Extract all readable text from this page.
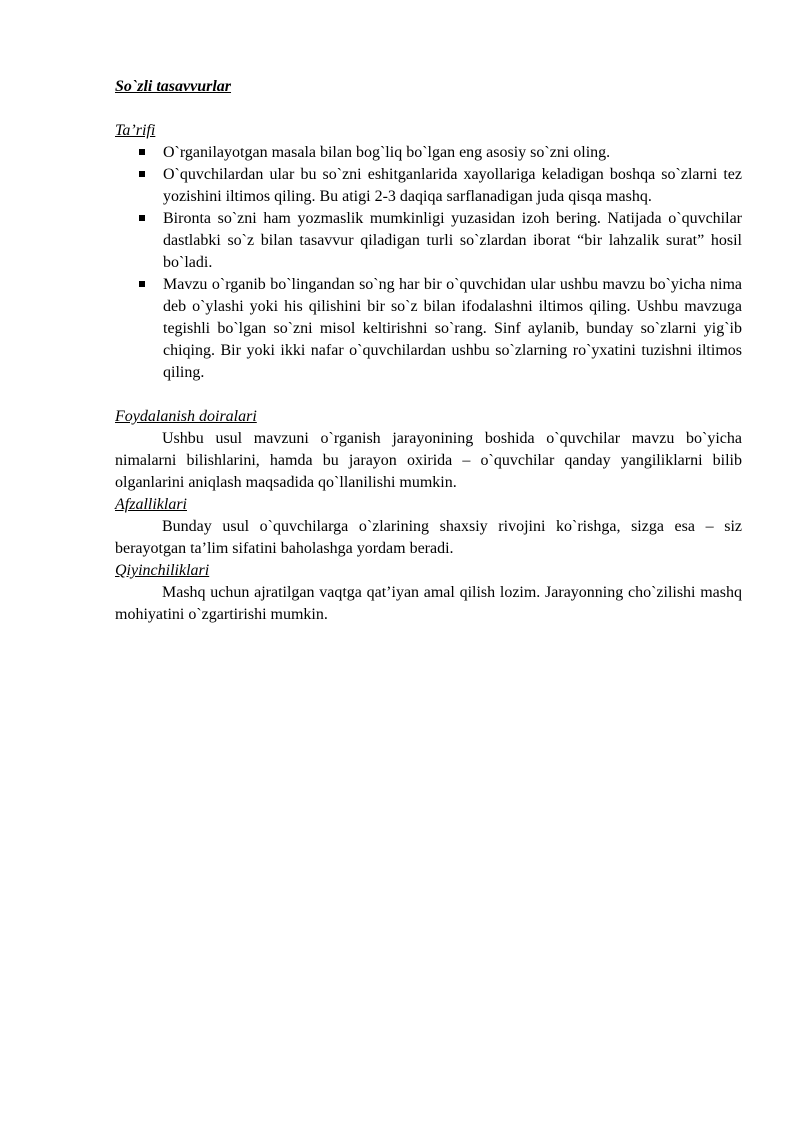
So`zli tasavvurlar
Ta’rifi
O`rganilayotgan masala bilan bog`liq bo`lgan eng asosiy so`zni oling.
O`quvchilardan ular bu so`zni eshitganlarida xayollariga keladigan boshqa so`zlarni tez yozishini iltimos qiling. Bu atigi 2-3 daqiqa sarflanadigan juda qisqa mashq.
Bironta so`zni ham yozmaslik mumkinligi yuzasidan izoh bering. Natijada o`quvchilar dastlabki so`z bilan tasavvur qiladigan turli so`zlardan iborat “bir lahzalik surat” hosil bo`ladi.
Mavzu o`rganib bo`lingandan so`ng har bir o`quvchidan ular ushbu mavzu bo`yicha nima deb o`ylashi yoki his qilishini bir so`z bilan ifodalashni iltimos qiling. Ushbu mavzuga tegishli bo`lgan so`zni misol keltirishni so`rang. Sinf aylanib, bunday so`zlarni yig`ib chiqing. Bir yoki ikki nafar o`quvchilardan ushbu so`zlarning ro`yxatini tuzishni iltimos qiling.
Foydalanish doiralari

Ushbu usul mavzuni o`rganish jarayonining boshida o`quvchilar mavzu bo`yicha nimalarni bilishlarini, hamda bu jarayon oxirida – o`quvchilar qanday yangiliklarni bilib olganlarini aniqlash maqsadida qo`llanilishi mumkin.

Afzalliklari

Bunday usul o`quvchilarga o`zlarining shaxsiy rivojini ko`rishga, sizga esa – siz berayotgan ta’lim sifatini baholashga yordam beradi.

Qiyinchiliklari

Mashq uchun ajratilgan vaqtga qat’iyan amal qilish lozim. Jarayonning cho`zilishi mashq mohiyatini o`zgartirishi mumkin.
